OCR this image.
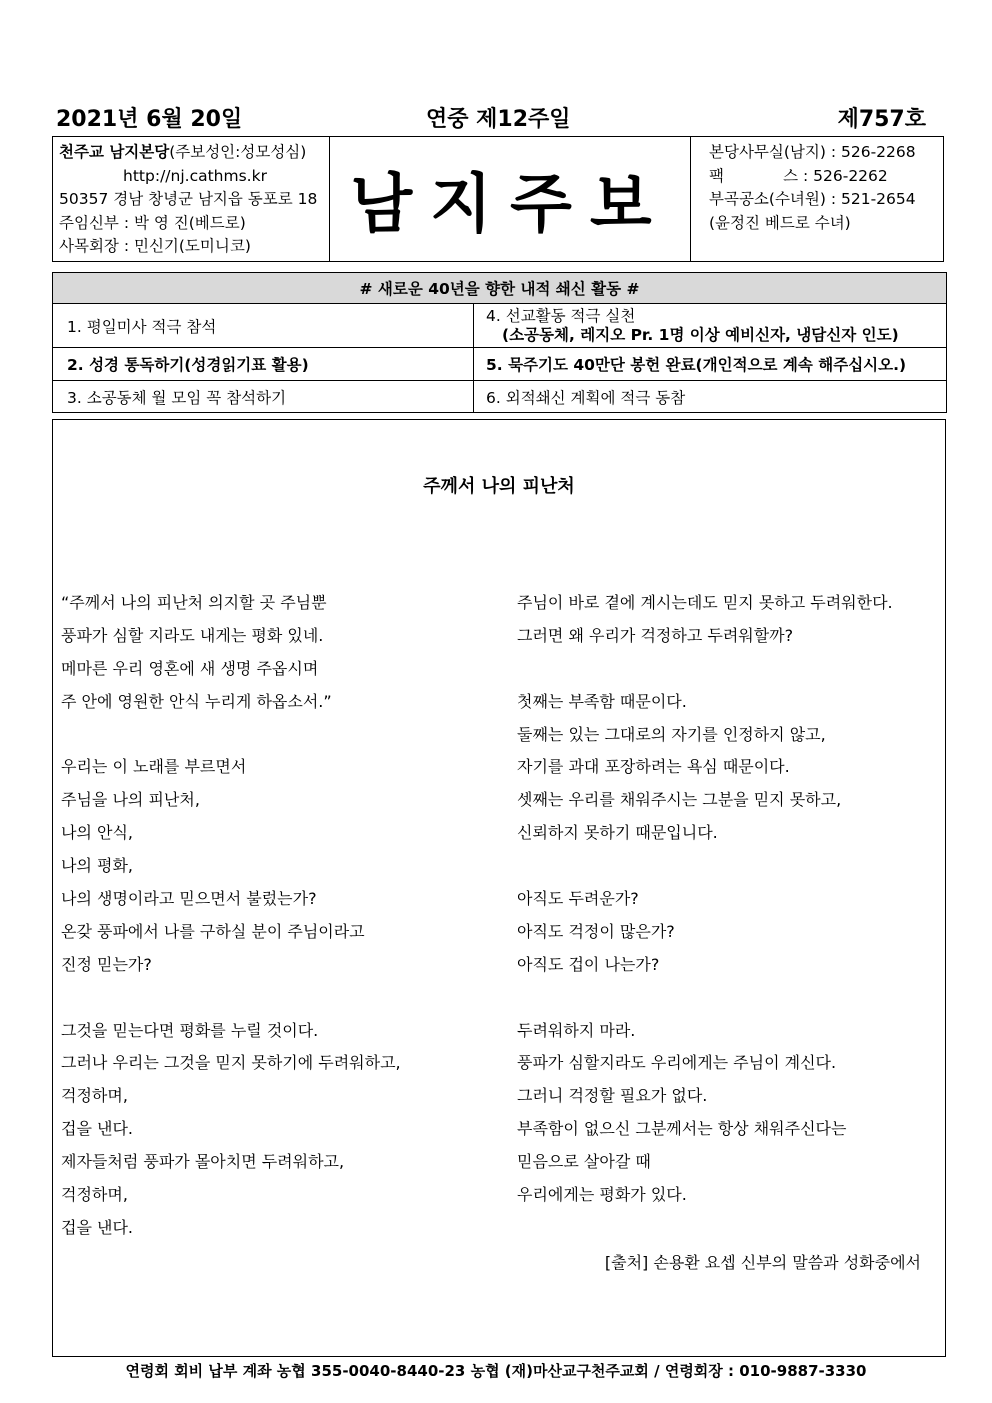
2021년 6월 20일	연중 제12주일	제757호
천주교 남지본당(주보성인:성모성심)
http://nj.cathms.kr
50357 경남 창녕군 남지읍 동포로 18
주임신부 : 박 영 진(베드로)
사목회장 : 민신기(도미니코)
남지주보
본당사무실(남지) : 526-2268
팩            스 : 526-2262
부곡공소(수녀원) : 521-2654
(윤정진 베드로 수녀)
# 새로운 40년을 향한 내적 쇄신 활동 #	
1. 평일미사 적극 참석	4. 선교활동 적극 실천
(소공동체, 레지오 Pr. 1명 이상 예비신자, 냉담신자 인도)

2. 성경 통독하기(성경읽기표 활용)	5. 묵주기도 40만단 봉헌 완료(개인적으로 계속 해주십시오.)
3. 소공동체 월 모임 꼭 참석하기	6. 외적쇄신 계획에 적극 동참
주께서 나의 피난처
“주께서 나의 피난처 의지할 곳 주님뿐
풍파가 심할 지라도 내게는 평화 있네.
메마른 우리 영혼에 새 생명 주옵시며
주 안에 영원한 안식 누리게 하옵소서.”
우리는 이 노래를 부르면서
주님을 나의 피난처,
나의 안식,
나의 평화,
나의 생명이라고 믿으면서 불렀는가?
온갖 풍파에서 나를 구하실 분이 주님이라고
진정 믿는가?
그것을 믿는다면 평화를 누릴 것이다.
그러나 우리는 그것을 믿지 못하기에 두려워하고,
걱정하며,
겁을 낸다.
제자들처럼 풍파가 몰아치면 두려워하고,
걱정하며,
겁을 낸다.
주님이 바로 곁에 계시는데도 믿지 못하고 두려워한다.
그러면 왜 우리가 걱정하고 두려워할까?
첫째는 부족함 때문이다.
둘째는 있는 그대로의 자기를 인정하지 않고,
자기를 과대 포장하려는 욕심 때문이다.
셋째는 우리를 채워주시는 그분을 믿지 못하고,
신뢰하지 못하기 때문입니다.
아직도 두려운가?
아직도 걱정이 많은가?
아직도 겁이 나는가?
두려워하지 마라.
풍파가 심할지라도 우리에게는 주님이 계신다.
그러니 걱정할 필요가 없다.
부족함이 없으신 그분께서는 항상 채워주신다는
믿음으로 살아갈 때
우리에게는 평화가 있다.
[출처] 손용환 요셉 신부의 말씀과 성화중에서
연령회 회비 납부 계좌 농협 355-0040-8440-23 농협 (재)마산교구천주교회 / 연령회장 : 010-9887-3330
